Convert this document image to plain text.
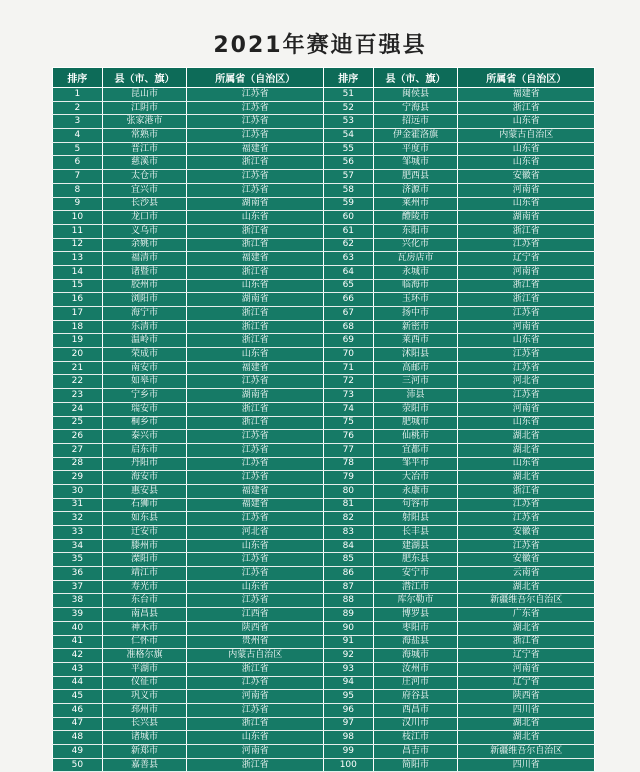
2021年赛迪百强县
排序	县（市、旗）	所属省（自治区）	排序	县（市、旗）	所属省（自治区）
1	昆山市	江苏省	51	闽侯县	福建省
2	江阴市	江苏省	52	宁海县	浙江省
3	张家港市	江苏省	53	招远市	山东省
4	常熟市	江苏省	54	伊金霍洛旗	内蒙古自治区
5	晋江市	福建省	55	平度市	山东省
6	慈溪市	浙江省	56	邹城市	山东省
7	太仓市	江苏省	57	肥西县	安徽省
8	宜兴市	江苏省	58	济源市	河南省
9	长沙县	湖南省	59	莱州市	山东省
10	龙口市	山东省	60	醴陵市	湖南省
11	义乌市	浙江省	61	东阳市	浙江省
12	余姚市	浙江省	62	兴化市	江苏省
13	福清市	福建省	63	瓦房店市	辽宁省
14	诸暨市	浙江省	64	永城市	河南省
15	胶州市	山东省	65	临海市	浙江省
16	浏阳市	湖南省	66	玉环市	浙江省
17	海宁市	浙江省	67	扬中市	江苏省
18	乐清市	浙江省	68	新密市	河南省
19	温岭市	浙江省	69	莱西市	山东省
20	荣成市	山东省	70	沭阳县	江苏省
21	南安市	福建省	71	高邮市	江苏省
22	如皋市	江苏省	72	三河市	河北省
23	宁乡市	湖南省	73	沛县	江苏省
24	瑞安市	浙江省	74	荥阳市	河南省
25	桐乡市	浙江省	75	肥城市	山东省
26	泰兴市	江苏省	76	仙桃市	湖北省
27	启东市	江苏省	77	宜都市	湖北省
28	丹阳市	江苏省	78	邹平市	山东省
29	海安市	江苏省	79	大冶市	湖北省
30	惠安县	福建省	80	永康市	浙江省
31	石狮市	福建省	81	句容市	江苏省
32	如东县	江苏省	82	射阳县	江苏省
33	迁安市	河北省	83	长丰县	安徽省
34	滕州市	山东省	84	建湖县	江苏省
35	溧阳市	江苏省	85	肥东县	安徽省
36	靖江市	江苏省	86	安宁市	云南省
37	寿光市	山东省	87	潜江市	湖北省
38	东台市	江苏省	88	库尔勒市	新疆维吾尔自治区
39	南昌县	江西省	89	博罗县	广东省
40	神木市	陕西省	90	枣阳市	湖北省
41	仁怀市	贵州省	91	海盐县	浙江省
42	准格尔旗	内蒙古自治区	92	海城市	辽宁省
43	平湖市	浙江省	93	汝州市	河南省
44	仪征市	江苏省	94	庄河市	辽宁省
45	巩义市	河南省	95	府谷县	陕西省
46	邳州市	江苏省	96	西昌市	四川省
47	长兴县	浙江省	97	汉川市	湖北省
48	诸城市	山东省	98	枝江市	湖北省
49	新郑市	河南省	99	昌吉市	新疆维吾尔自治区
50	嘉善县	浙江省	100	简阳市	四川省
